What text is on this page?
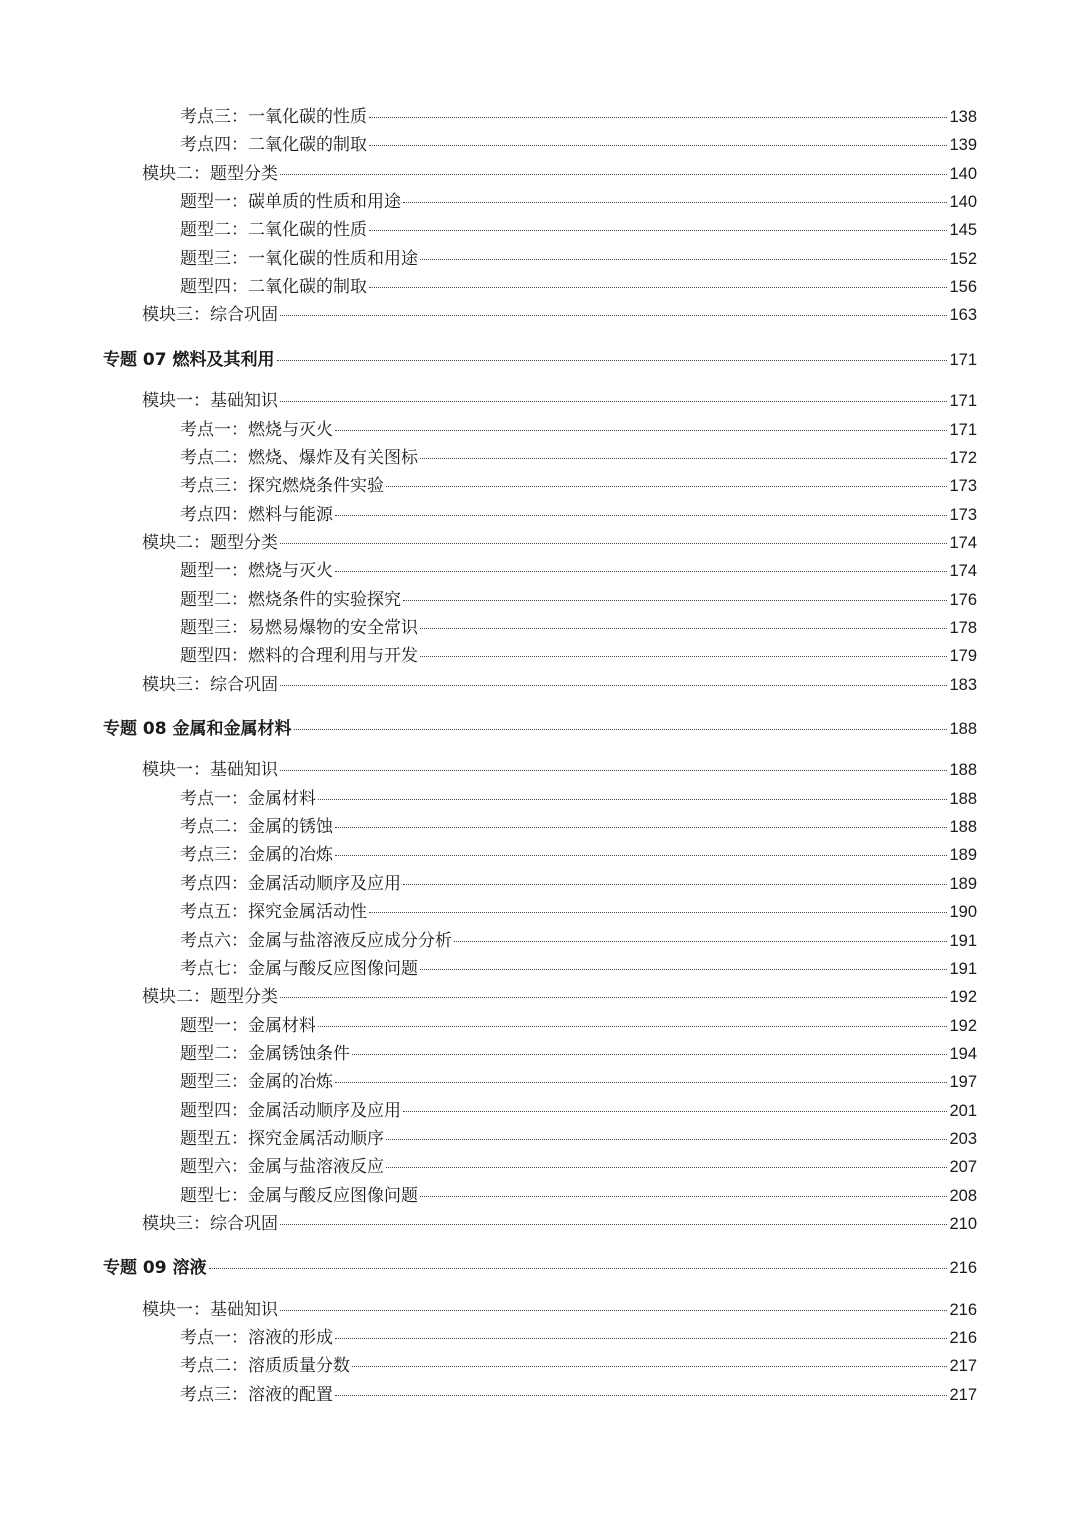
考点三：一氧化碳的性质	138
考点四：二氧化碳的制取	139
模块二：题型分类	140
题型一：碳单质的性质和用途	140
题型二：二氧化碳的性质	145
题型三：一氧化碳的性质和用途	152
题型四：二氧化碳的制取	156
模块三：综合巩固	163
专题 07 燃料及其利用	171
模块一：基础知识	171
考点一：燃烧与灭火	171
考点二：燃烧、爆炸及有关图标	172
考点三：探究燃烧条件实验	173
考点四：燃料与能源	173
模块二：题型分类	174
题型一：燃烧与灭火	174
题型二：燃烧条件的实验探究	176
题型三：易燃易爆物的安全常识	178
题型四：燃料的合理利用与开发	179
模块三：综合巩固	183
专题 08 金属和金属材料	188
模块一：基础知识	188
考点一：金属材料	188
考点二：金属的锈蚀	188
考点三：金属的冶炼	189
考点四：金属活动顺序及应用	189
考点五：探究金属活动性	190
考点六：金属与盐溶液反应成分分析	191
考点七：金属与酸反应图像问题	191
模块二：题型分类	192
题型一：金属材料	192
题型二：金属锈蚀条件	194
题型三：金属的冶炼	197
题型四：金属活动顺序及应用	201
题型五：探究金属活动顺序	203
题型六：金属与盐溶液反应	207
题型七：金属与酸反应图像问题	208
模块三：综合巩固	210
专题 09 溶液	216
模块一：基础知识	216
考点一：溶液的形成	216
考点二：溶质质量分数	217
考点三：溶液的配置	217
